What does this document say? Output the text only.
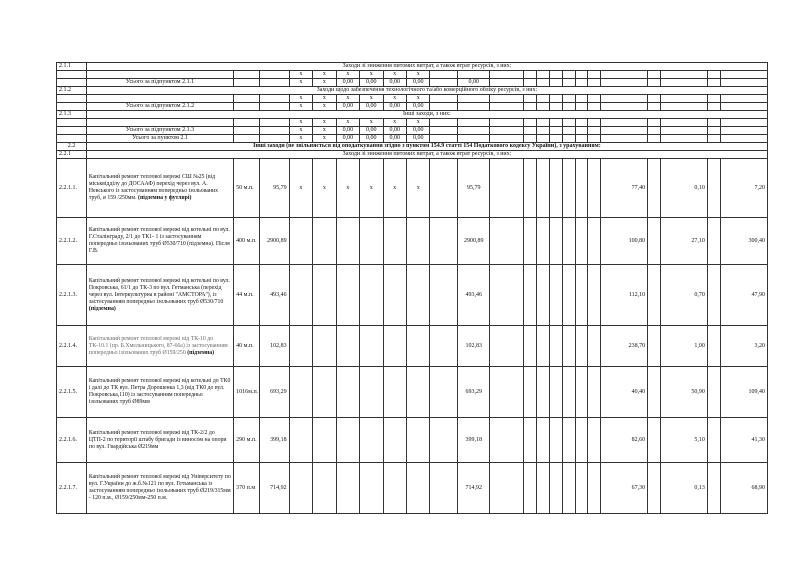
2.1.1	Заходи зі зниження питомих витрат, а також втрат ресурсів, з них:																						
				x	x	x	x	x	x														
	Усього за підпунктом 2.1.1			x	x	0,00	0,00	0,00	0,00		0,00												
2.1.2	Заходи щодо забезпечення технологічного та/або комерційного обліку ресурсів, з них:																						
				x	x	x	x	x	x														
	Усього за підпунктом 2.1.2			x	x	0,00	0,00	0,00	0,00														
2.1.3	Інші заходи, з них:																						
				x	x	x	x	x	x														
	Усього за підпунктом 2.1.3			x	x	0,00	0,00	0,00	0,00														
	Усього за пунктом 2.1			x	x	0,00	0,00	0,00	0,00														
2.2	Інші заходи (не звільняється від оподаткування згідно з пунктом 154.9 статті 154 Податкового кодексу України), з урахуванням:																						
2.2.1	Заходи зі зниження питомих витрат, а також втрат ресурсів, з них:																						
2.2.1.1.	Капітальний ремонт теплової мережі СШ №25 (від міськвідділу до ДОСААФ) перехід через вул. А. Невського із застосуванням попередньо ізольованих труб, ø 159 /250мм. (підземна у футлярі)	50 м.п.	95,79	x	x	x	x	x	x		95,79								77,40		0,10		7,20
2.2.1.2.	Капітальний ремонт теплової мережі від котельні по вул. Г.Сталінграду, 2/1 до ТК1- 1 із застосуванням попередньо ізольованих труб Ø530/710 (підземна). Після Г.В.	400 м.п.	2900,89								2900,89								100,80		27,10		300,40
2.2.1.3.	Капітальний ремонт теплової мережі від котельні по вул. Покровська, 61/1 до ТК-3 по вул. Гетманська (перехід через вул. Інтеркультурна в районі "АМСТОРА"), із застосуванням попередньо ізольованих труб Ø530/710 (підземна)	44 м.п.	493,46								493,46								112,10		0,70		47,90
2.2.1.4.	Капітальний ремонт теплової мережі від ТК-10 до ТК-10.1 (пр. Б.Хмельницького, 87-66а) із застосуванням попередньо ізольованих труб Ø159/250 (підземна)	40 м.п.	102,83								102,83								238,70		1,00		3,20
2.2.1.5.	Капітальний ремонт теплової мережі від котельні до ТК0 і далі до ТК вул. Петра Дорошенка 1,3 (від ТК0 до вул. Покровська,110) із застосуванням попередньо ізольованих труб Ø89мм	1016м.п.	693,29								693,29								40,40		50,90		109,40
2.2.1.6.	Капітальний ремонт теплової мережі від ТК-2/2 до ЦТП-2 по території штабу бригади із виносом на опори по вул. Гвардійська Ø219мм	290 м.п.	399,18								399,18								82,60		5,10		41,30
2.2.1.7.	Капітальний ремонт теплової мережі від Університету по вул. Г.України до ж.б.№121 по вул. Гетьманська із застосуванням попередньо ізольованих труб Ø219/315мм - 120 п.м., Ø159/250мм-250 п.м.	370 п.м	714,92								714,92								67,30		0,13		68,90
